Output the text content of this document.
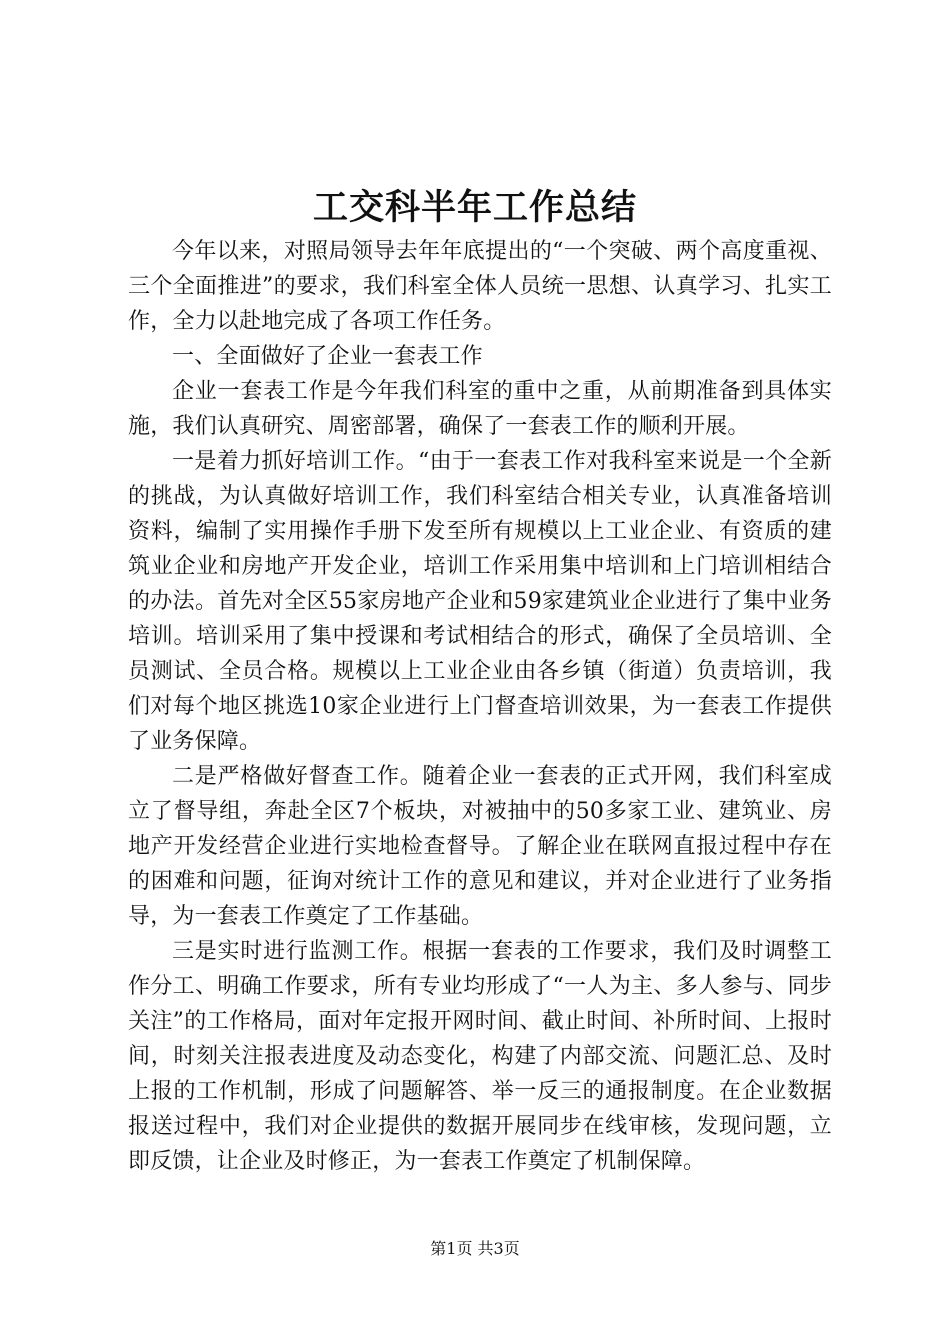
工交科半年工作总结

今年以来，对照局领导去年年底提出的“一个突破、两个高度重视、三个全面推进”的要求，我们科室全体人员统一思想、认真学习、扎实工作，全力以赴地完成了各项工作任务。

一、全面做好了企业一套表工作

企业一套表工作是今年我们科室的重中之重，从前期准备到具体实施，我们认真研究、周密部署，确保了一套表工作的顺利开展。

一是着力抓好培训工作。“由于一套表工作对我科室来说是一个全新的挑战，为认真做好培训工作，我们科室结合相关专业，认真准备培训资料，编制了实用操作手册下发至所有规模以上工业企业、有资质的建筑业企业和房地产开发企业，培训工作采用集中培训和上门培训相结合的办法。首先对全区55家房地产企业和59家建筑业企业进行了集中业务培训。培训采用了集中授课和考试相结合的形式，确保了全员培训、全员测试、全员合格。规模以上工业企业由各乡镇（街道）负责培训，我们对每个地区挑选10家企业进行上门督查培训效果，为一套表工作提供了业务保障。

二是严格做好督查工作。随着企业一套表的正式开网，我们科室成立了督导组，奔赴全区7个板块，对被抽中的50多家工业、建筑业、房地产开发经营企业进行实地检查督导。了解企业在联网直报过程中存在的困难和问题，征询对统计工作的意见和建议，并对企业进行了业务指导，为一套表工作奠定了工作基础。

三是实时进行监测工作。根据一套表的工作要求，我们及时调整工作分工、明确工作要求，所有专业均形成了“一人为主、多人参与、同步关注”的工作格局，面对年定报开网时间、截止时间、补所时间、上报时间，时刻关注报表进度及动态变化，构建了内部交流、问题汇总、及时上报的工作机制，形成了问题解答、举一反三的通报制度。在企业数据报送过程中，我们对企业提供的数据开展同步在线审核，发现问题，立即反馈，让企业及时修正，为一套表工作奠定了机制保障。

第1页 共3页
